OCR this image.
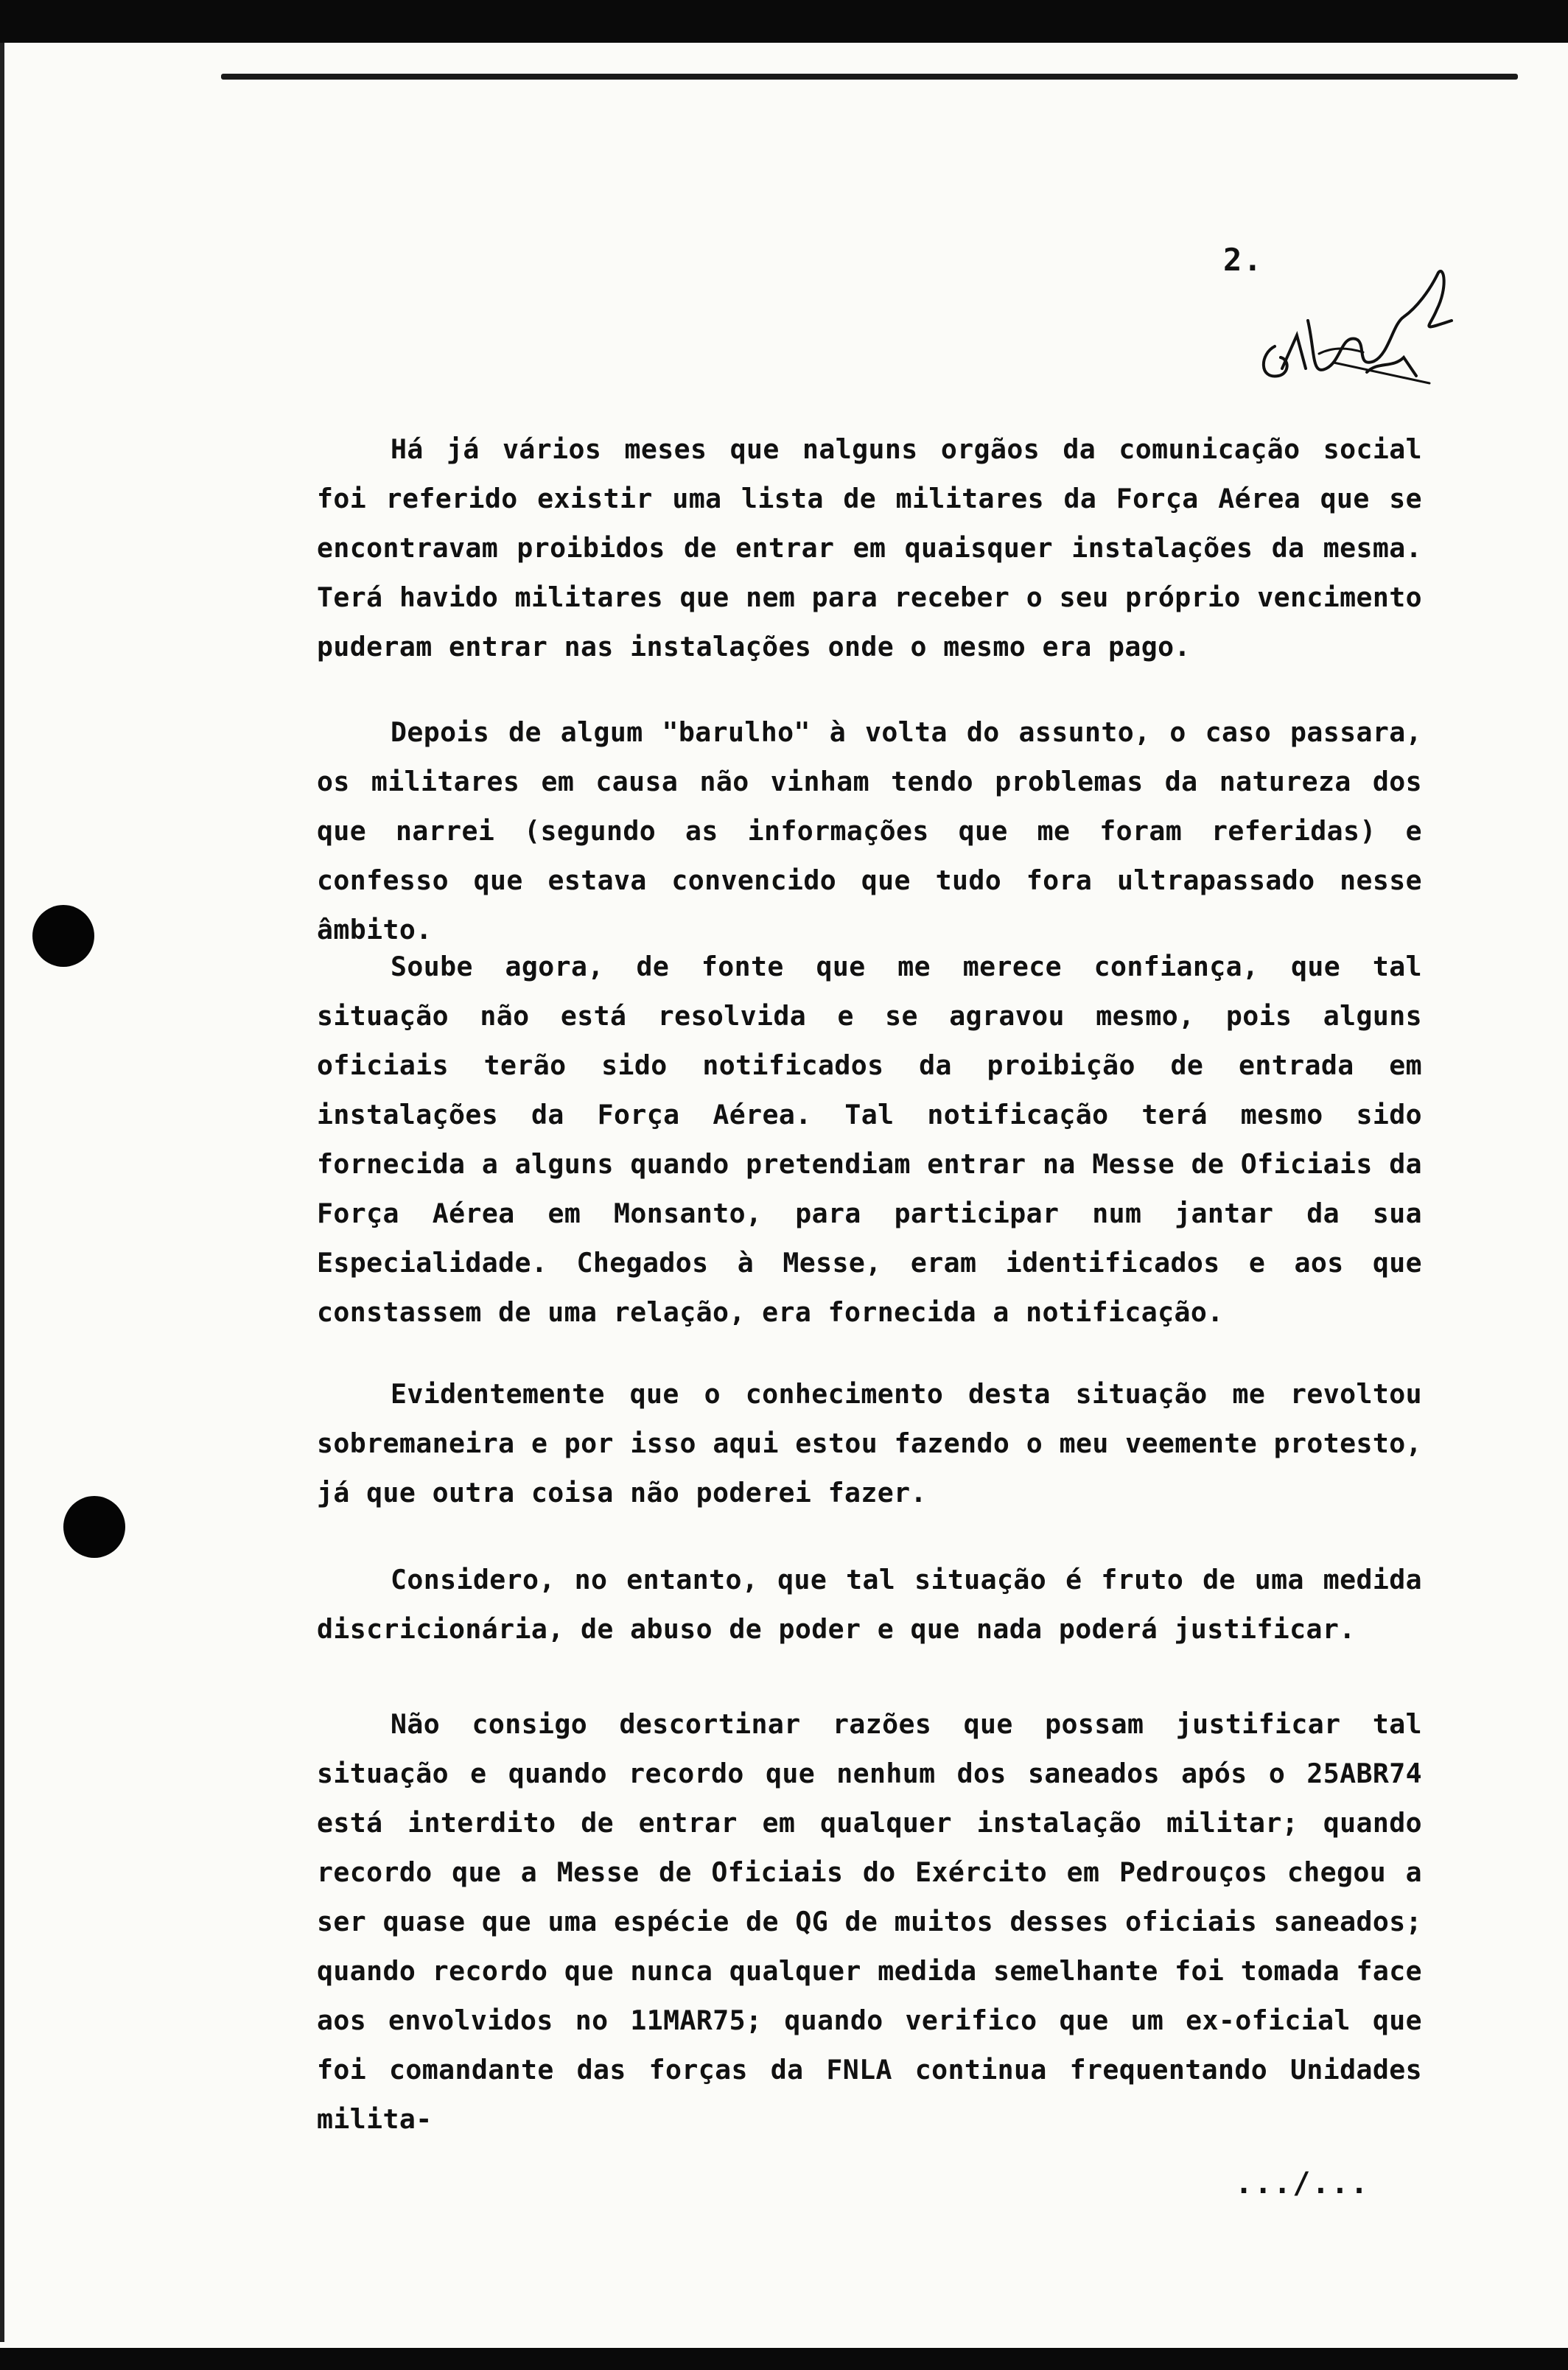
2.

Há já vários meses que nalguns orgãos da comunicação social foi referido existir uma lista de militares da Força Aérea que se encontravam proibidos de entrar em quaisquer instalações da mesma. Terá havido militares que nem para receber o seu próprio vencimento puderam entrar nas instalações onde o mesmo era pago.

Depois de algum "barulho" à volta do assunto, o caso passara, os militares em causa não vinham tendo problemas da natureza dos que narrei (segundo as informações que me foram referidas) e confesso que estava convencido que tudo fora ultrapassado nesse âmbito.

Soube agora, de fonte que me merece confiança, que tal situação não está resolvida e se agravou mesmo, pois alguns oficiais terão sido notificados da proibição de entrada em instalações da Força Aérea. Tal notificação terá mesmo sido fornecida a alguns quando pretendiam entrar na Messe de Oficiais da Força Aérea em Monsanto, para participar num jantar da sua Especialidade. Chegados à Messe, eram identificados e aos que constassem de uma relação, era fornecida a notificação.

Evidentemente que o conhecimento desta situação me revoltou sobremaneira e por isso aqui estou fazendo o meu veemente protesto, já que outra coisa não poderei fazer.

Considero, no entanto, que tal situação é fruto de uma medida discricionária, de abuso de poder e que nada poderá justificar.

Não consigo descortinar razões que possam justificar tal situação e quando recordo que nenhum dos saneados após o 25ABR74 está interdito de entrar em qualquer instalação militar; quando recordo que a Messe de Oficiais do Exército em Pedrouços chegou a ser quase que uma espécie de QG de muitos desses oficiais saneados; quando recordo que nunca qualquer medida semelhante foi tomada face aos envolvidos no 11MAR75; quando verifico que um ex-oficial que foi comandante das forças da FNLA continua frequentando Unidades milita-

.../...
